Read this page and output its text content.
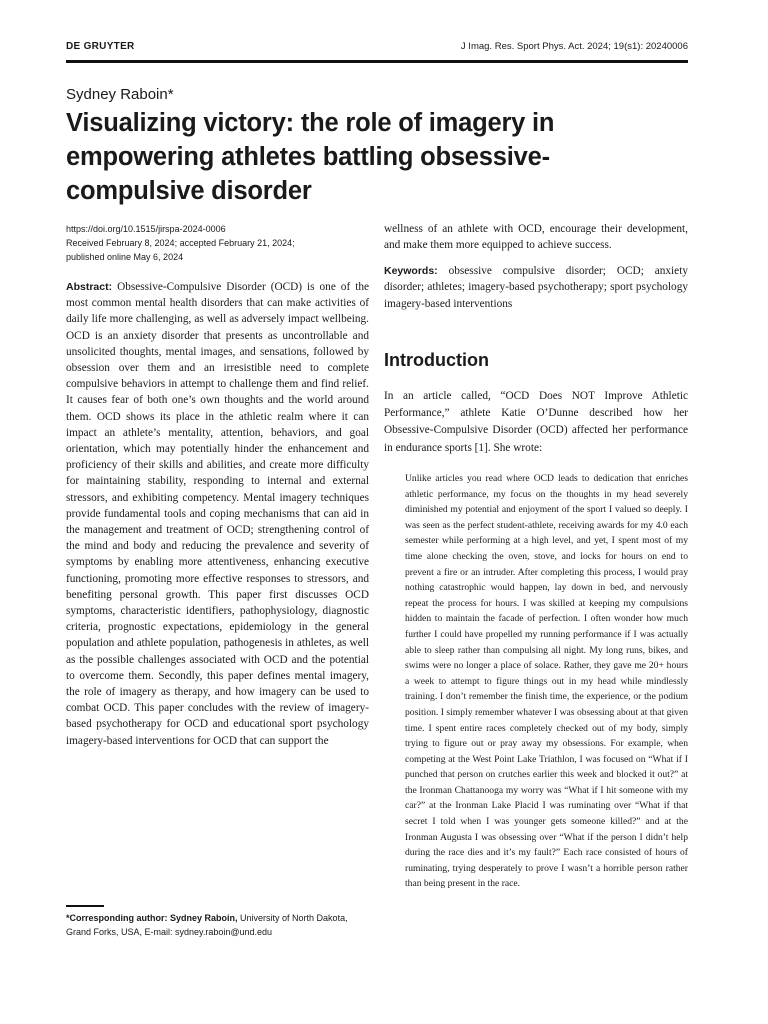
DE GRUYTER	J Imag. Res. Sport Phys. Act. 2024; 19(s1): 20240006
Sydney Raboin*
Visualizing victory: the role of imagery in empowering athletes battling obsessive-compulsive disorder
https://doi.org/10.1515/jirspa-2024-0006
Received February 8, 2024; accepted February 21, 2024;
published online May 6, 2024

Abstract: Obsessive-Compulsive Disorder (OCD) is one of the most common mental health disorders that can make activities of daily life more challenging, as well as adversely impact wellbeing. OCD is an anxiety disorder that presents as uncontrollable and unsolicited thoughts, mental images, and sensations, followed by obsession over them and an irresistible need to complete compulsive behaviors in attempt to challenge them and find relief. It causes fear of both one’s own thoughts and the world around them. OCD shows its place in the athletic realm where it can impact an athlete’s mentality, attention, behaviors, and goal orientation, which may potentially hinder the enhancement and proficiency of their skills and abilities, and create more difficulty for maintaining stability, responding to internal and external stressors, and exhibiting competency. Mental imagery techniques provide fundamental tools and coping mechanisms that can aid in the management and treatment of OCD; strengthening control of the mind and body and reducing the prevalence and severity of symptoms by enabling more attentiveness, enhancing executive functioning, promoting more effective responses to stressors, and benefiting personal growth. This paper first discusses OCD symptoms, characteristic identifiers, pathophysiology, diagnostic criteria, prognostic expectations, epidemiology in the general population and athlete population, pathogenesis in athletes, as well as the possible challenges associated with OCD and the potential to overcome them. Secondly, this paper defines mental imagery, the role of imagery as therapy, and how imagery can be used to combat OCD. This paper concludes with the review of imagery-based psychotherapy for OCD and educational sport psychology imagery-based interventions for OCD that can support the

*Corresponding author: Sydney Raboin, University of North Dakota, Grand Forks, USA, E-mail: sydney.raboin@und.edu

wellness of an athlete with OCD, encourage their development, and make them more equipped to achieve success.

Keywords: obsessive compulsive disorder; OCD; anxiety disorder; athletes; imagery-based psychotherapy; sport psychology imagery-based interventions

Introduction

In an article called, “OCD Does NOT Improve Athletic Performance,” athlete Katie O’Dunne described how her Obsessive-Compulsive Disorder (OCD) affected her performance in endurance sports [1]. She wrote:

Unlike articles you read where OCD leads to dedication that enriches athletic performance, my focus on the thoughts in my head severely diminished my potential and enjoyment of the sport I valued so deeply. I was seen as the perfect student-athlete, receiving awards for my 4.0 each semester while performing at a high level, and yet, I spent most of my time alone checking the oven, stove, and locks for hours on end to prevent a fire or an intruder. After completing this process, I would pray nothing catastrophic would happen, lay down in bed, and nervously repeat the process for hours. I was skilled at keeping my compulsions hidden to maintain the facade of perfection. I often wonder how much further I could have propelled my running performance if I was actually able to sleep rather than compulsing all night. My long runs, bikes, and swims were no longer a place of solace. Rather, they gave me 20+ hours a week to attempt to figure things out in my head while mindlessly training. I don’t remember the finish time, the experience, or the podium position. I simply remember whatever I was obsessing about at that given time. I spent entire races completely checked out of my body, simply trying to figure out or pray away my obsessions. For example, when competing at the West Point Lake Triathlon, I was focused on “What if I punched that person on crutches earlier this week and blocked it out?” at the Ironman Chattanooga my worry was “What if I hit someone with my car?” at the Ironman Lake Placid I was ruminating over “What if that secret I told when I was younger gets someone killed?” and at the Ironman Augusta I was obsessing over “What if the person I didn’t help during the race dies and it’s my fault?” Each race consisted of hours of ruminating, trying desperately to prove I wasn’t a horrible person rather than being present in the race.
